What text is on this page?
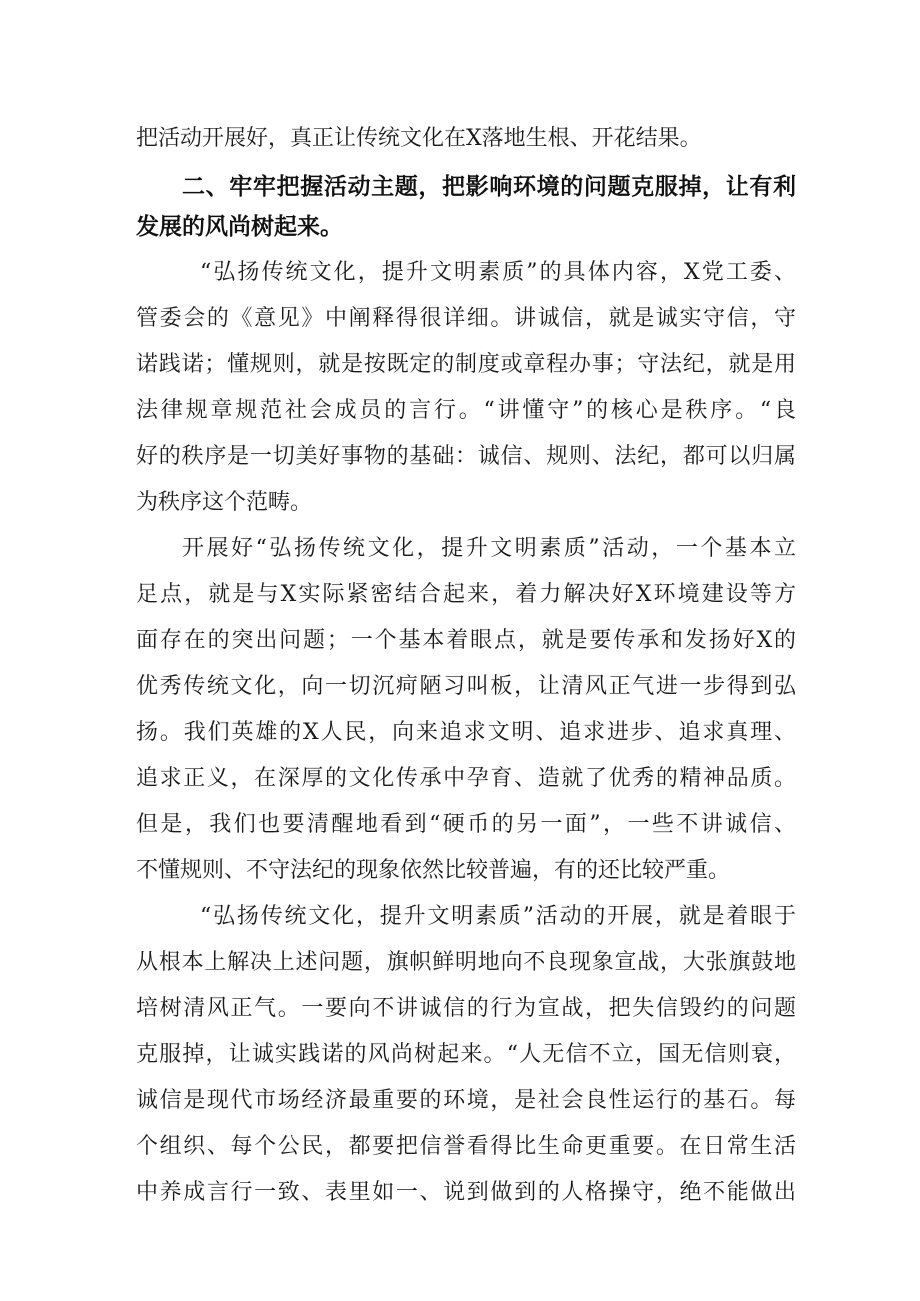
把活动开展好，真正让传统文化在X落地生根、开花结果。
二、牢牢把握活动主题，把影响环境的问题克服掉，让有利
发展的风尚树起来。
“弘扬传统文化，提升文明素质”的具体内容，X党工委、
管委会的《意见》中阐释得很详细。讲诚信，就是诚实守信，守
诺践诺；懂规则，就是按既定的制度或章程办事；守法纪，就是用
法律规章规范社会成员的言行。“讲懂守”的核心是秩序。“良
好的秩序是一切美好事物的基础：诚信、规则、法纪，都可以归属
为秩序这个范畴。
开展好“弘扬传统文化，提升文明素质”活动，一个基本立
足点，就是与X实际紧密结合起来，着力解决好X环境建设等方
面存在的突出问题；一个基本着眼点，就是要传承和发扬好X的
优秀传统文化，向一切沉疴陋习叫板，让清风正气进一步得到弘
扬。我们英雄的X人民，向来追求文明、追求进步、追求真理、
追求正义，在深厚的文化传承中孕育、造就了优秀的精神品质。
但是，我们也要清醒地看到“硬币的另一面”，一些不讲诚信、
不懂规则、不守法纪的现象依然比较普遍，有的还比较严重。
“弘扬传统文化，提升文明素质”活动的开展，就是着眼于
从根本上解决上述问题，旗帜鲜明地向不良现象宣战，大张旗鼓地
培树清风正气。一要向不讲诚信的行为宣战，把失信毁约的问题
克服掉，让诚实践诺的风尚树起来。“人无信不立，国无信则衰，
诚信是现代市场经济最重要的环境，是社会良性运行的基石。每
个组织、每个公民，都要把信誉看得比生命更重要。在日常生活
中养成言行一致、表里如一、说到做到的人格操守，绝不能做出
